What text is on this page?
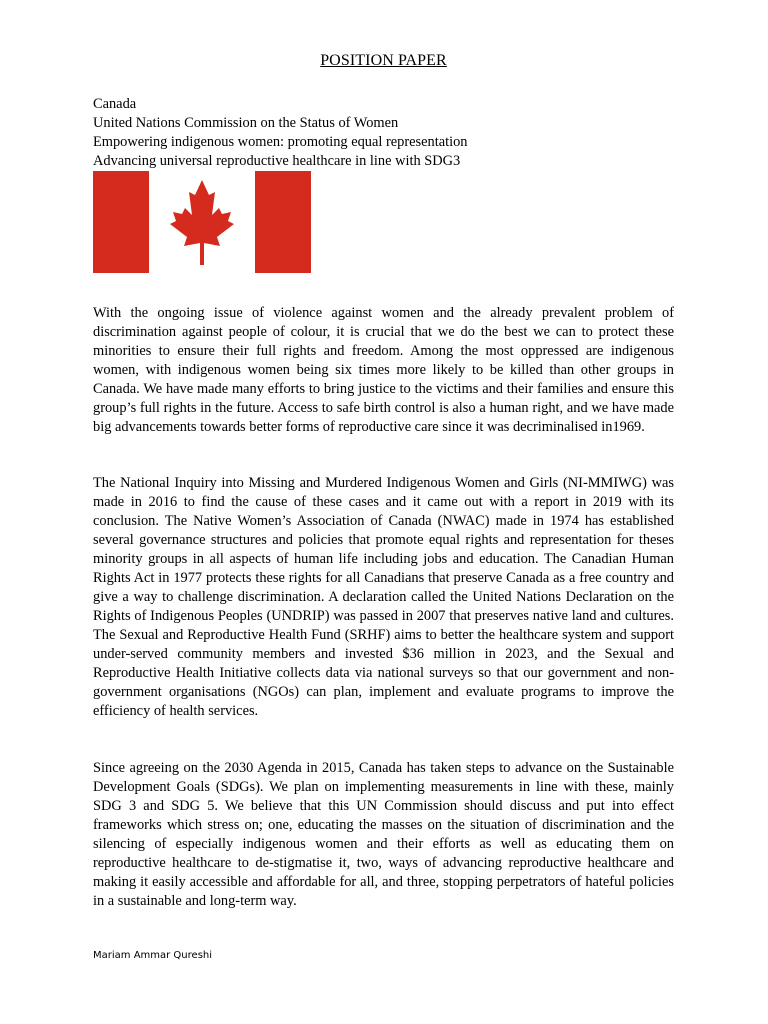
POSITION PAPER
Canada
United Nations Commission on the Status of Women
Empowering indigenous women: promoting equal representation
Advancing universal reproductive healthcare in line with SDG3

With the ongoing issue of violence against women and the already prevalent problem of discrimination against people of colour, it is crucial that we do the best we can to protect these minorities to ensure their full rights and freedom. Among the most oppressed are indigenous women, with indigenous women being six times more likely to be killed than other groups in Canada. We have made many efforts to bring justice to the victims and their families and ensure this group’s full rights in the future. Access to safe birth control is also a human right, and we have made big advancements towards better forms of reproductive care since it was decriminalised in1969.

The National Inquiry into Missing and Murdered Indigenous Women and Girls (NI-MMIWG) was made in 2016 to find the cause of these cases and it came out with a report in 2019 with its conclusion. The Native Women’s Association of Canada (NWAC) made in 1974 has established several governance structures and policies that promote equal rights and representation for theses minority groups in all aspects of human life including jobs and education. The Canadian Human Rights Act in 1977 protects these rights for all Canadians that preserve Canada as a free country and give a way to challenge discrimination. A declaration called the United Nations Declaration on the Rights of Indigenous Peoples (UNDRIP) was passed in 2007 that preserves native land and cultures. The Sexual and Reproductive Health Fund (SRHF) aims to better the healthcare system and support under-served community members and invested $36 million in 2023, and the Sexual and Reproductive Health Initiative collects data via national surveys so that our government and non-government organisations (NGOs) can plan, implement and evaluate programs to improve the efficiency of health services.

Since agreeing on the 2030 Agenda in 2015, Canada has taken steps to advance on the Sustainable Development Goals (SDGs). We plan on implementing measurements in line with these, mainly SDG 3 and SDG 5. We believe that this UN Commission should discuss and put into effect frameworks which stress on; one, educating the masses on the situation of discrimination and the silencing of especially indigenous women and their efforts as well as educating them on reproductive healthcare to de-stigmatise it, two, ways of advancing reproductive healthcare and making it easily accessible and affordable for all, and three, stopping perpetrators of hateful policies in a sustainable and long-term way.

Mariam Ammar Qureshi
